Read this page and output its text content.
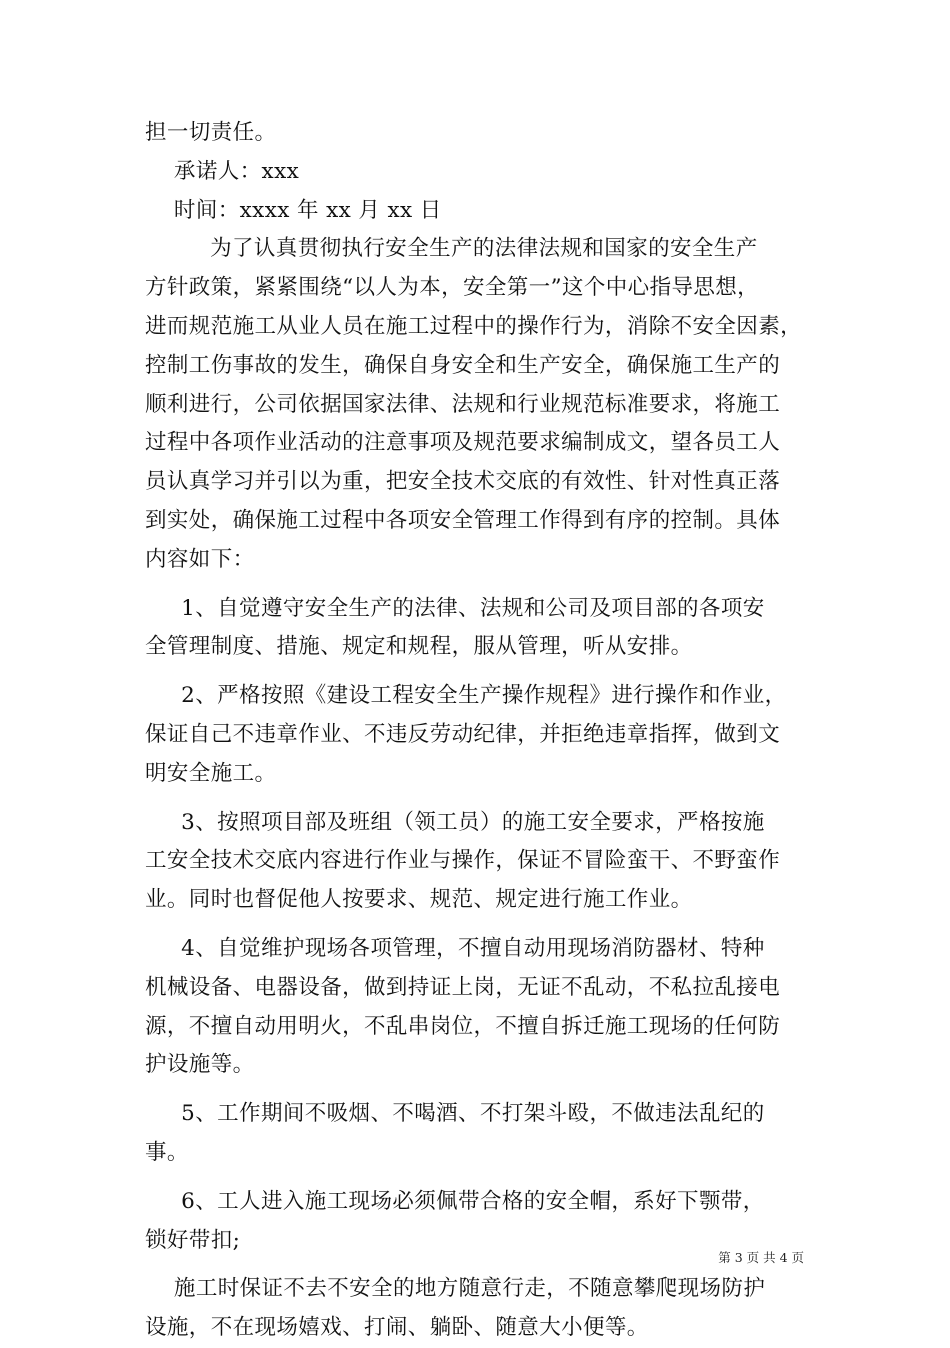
担一切责任。
承诺人：xxx
时间：xxxx 年 xx 月 xx 日
为了认真贯彻执行安全生产的法律法规和国家的安全生产
方针政策，紧紧围绕“以人为本，安全第一”这个中心指导思想，
进而规范施工从业人员在施工过程中的操作行为，消除不安全因素，
控制工伤事故的发生，确保自身安全和生产安全，确保施工生产的
顺利进行，公司依据国家法律、法规和行业规范标准要求，将施工
过程中各项作业活动的注意事项及规范要求编制成文，望各员工人
员认真学习并引以为重，把安全技术交底的有效性、针对性真正落
到实处，确保施工过程中各项安全管理工作得到有序的控制。具体
内容如下：
1、自觉遵守安全生产的法律、法规和公司及项目部的各项安
全管理制度、措施、规定和规程，服从管理，听从安排。
2、严格按照《建设工程安全生产操作规程》进行操作和作业，
保证自己不违章作业、不违反劳动纪律，并拒绝违章指挥，做到文
明安全施工。
3、按照项目部及班组（领工员）的施工安全要求，严格按施
工安全技术交底内容进行作业与操作，保证不冒险蛮干、不野蛮作
业。同时也督促他人按要求、规范、规定进行施工作业。
4、自觉维护现场各项管理，不擅自动用现场消防器材、特种
机械设备、电器设备，做到持证上岗，无证不乱动，不私拉乱接电
源，不擅自动用明火，不乱串岗位，不擅自拆迁施工现场的任何防
护设施等。
5、工作期间不吸烟、不喝酒、不打架斗殴，不做违法乱纪的
事。
6、工人进入施工现场必须佩带合格的安全帽，系好下颚带，
锁好带扣;
施工时保证不去不安全的地方随意行走，不随意攀爬现场防护
设施，不在现场嬉戏、打闹、躺卧、随意大小便等。
第 3 页 共 4 页
